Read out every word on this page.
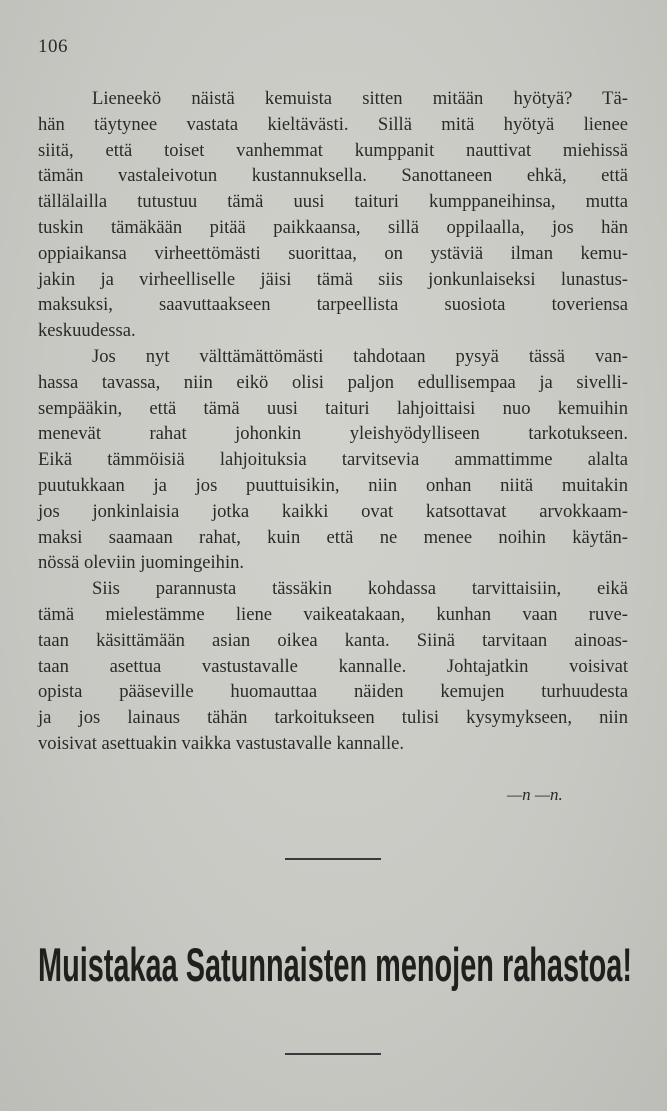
106
Lieneekö näistä kemuista sitten mitään hyötyä? Tä-
hän täytynee vastata kieltävästi. Sillä mitä hyötyä lienee
siitä, että toiset vanhemmat kumppanit nauttivat miehissä
tämän vastaleivotun kustannuksella. Sanottaneen ehkä, että
tällälailla tutustuu tämä uusi taituri kumppaneihinsa, mutta
tuskin tämäkään pitää paikkaansa, sillä oppilaalla, jos hän
oppiaikansa virheettömästi suorittaa, on ystäviä ilman kemu-
jakin ja virheelliselle jäisi tämä siis jonkunlaiseksi lunastus-
maksuksi, saavuttaakseen tarpeellista suosiota toveriensa
keskuudessa.
Jos nyt välttämättömästi tahdotaan pysyä tässä van-
hassa tavassa, niin eikö olisi paljon edullisempaa ja sivelli-
sempääkin, että tämä uusi taituri lahjoittaisi nuo kemuihin
menevät rahat johonkin yleishyödylliseen tarkotukseen.
Eikä tämmöisiä lahjoituksia tarvitsevia ammattimme alalta
puutukkaan ja jos puuttuisikin, niin onhan niitä muitakin
jos jonkinlaisia jotka kaikki ovat katsottavat arvokkaam-
maksi saamaan rahat, kuin että ne menee noihin käytän-
nössä oleviin juomingeihin.
Siis parannusta tässäkin kohdassa tarvittaisiin, eikä
tämä mielestämme liene vaikeatakaan, kunhan vaan ruve-
taan käsittämään asian oikea kanta. Siinä tarvitaan ainoas-
taan asettua vastustavalle kannalle. Johtajatkin voisivat
opista pääseville huomauttaa näiden kemujen turhuudesta
ja jos lainaus tähän tarkoitukseen tulisi kysymykseen, niin
voisivat asettuakin vaikka vastustavalle kannalle.
—n —n.
Muistakaa Satunnaisten menojen rahastoa!
